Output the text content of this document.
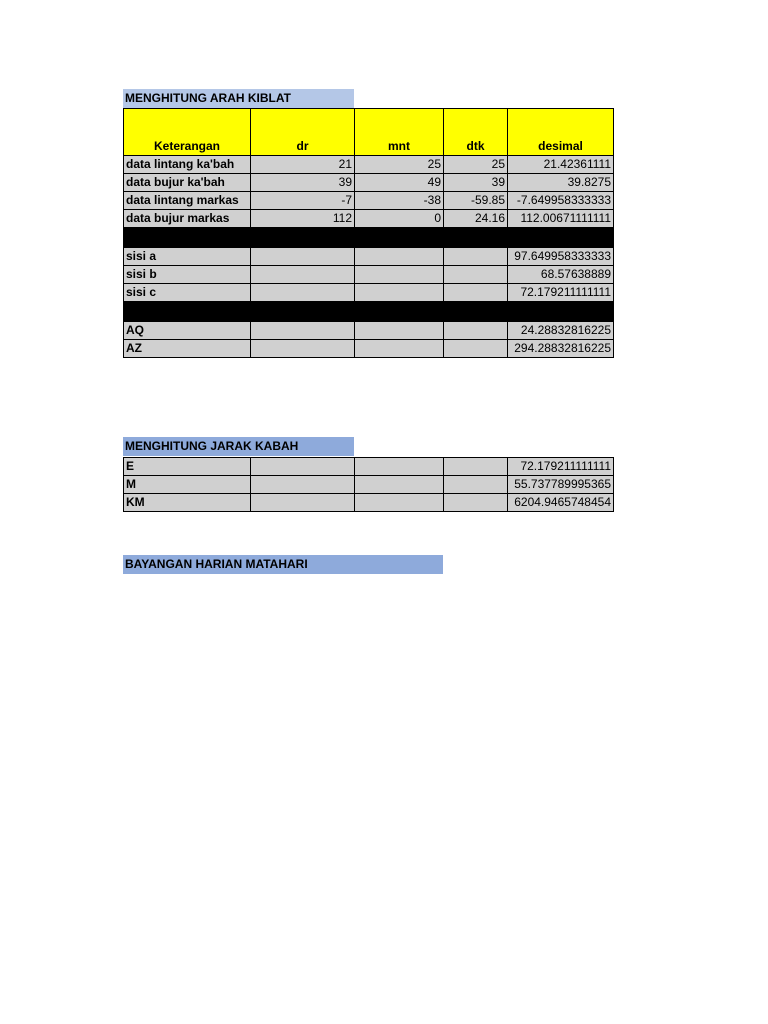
MENGHITUNG ARAH KIBLAT
Keterangan	dr	mnt	dtk	desimal
data lintang ka'bah	21	25	25	21.42361111
data bujur ka'bah	39	49	39	39.8275
data lintang markas	-7	-38	-59.85	-7.649958333333
data bujur markas	112	0	24.16	112.00671111111

sisi a				97.649958333333
sisi b				68.57638889
sisi c				72.179211111111

AQ				24.28832816225
AZ				294.28832816225
MENGHITUNG JARAK KABAH
E				72.179211111111
M				55.737789995365
KM				6204.9465748454
BAYANGAN HARIAN MATAHARI
